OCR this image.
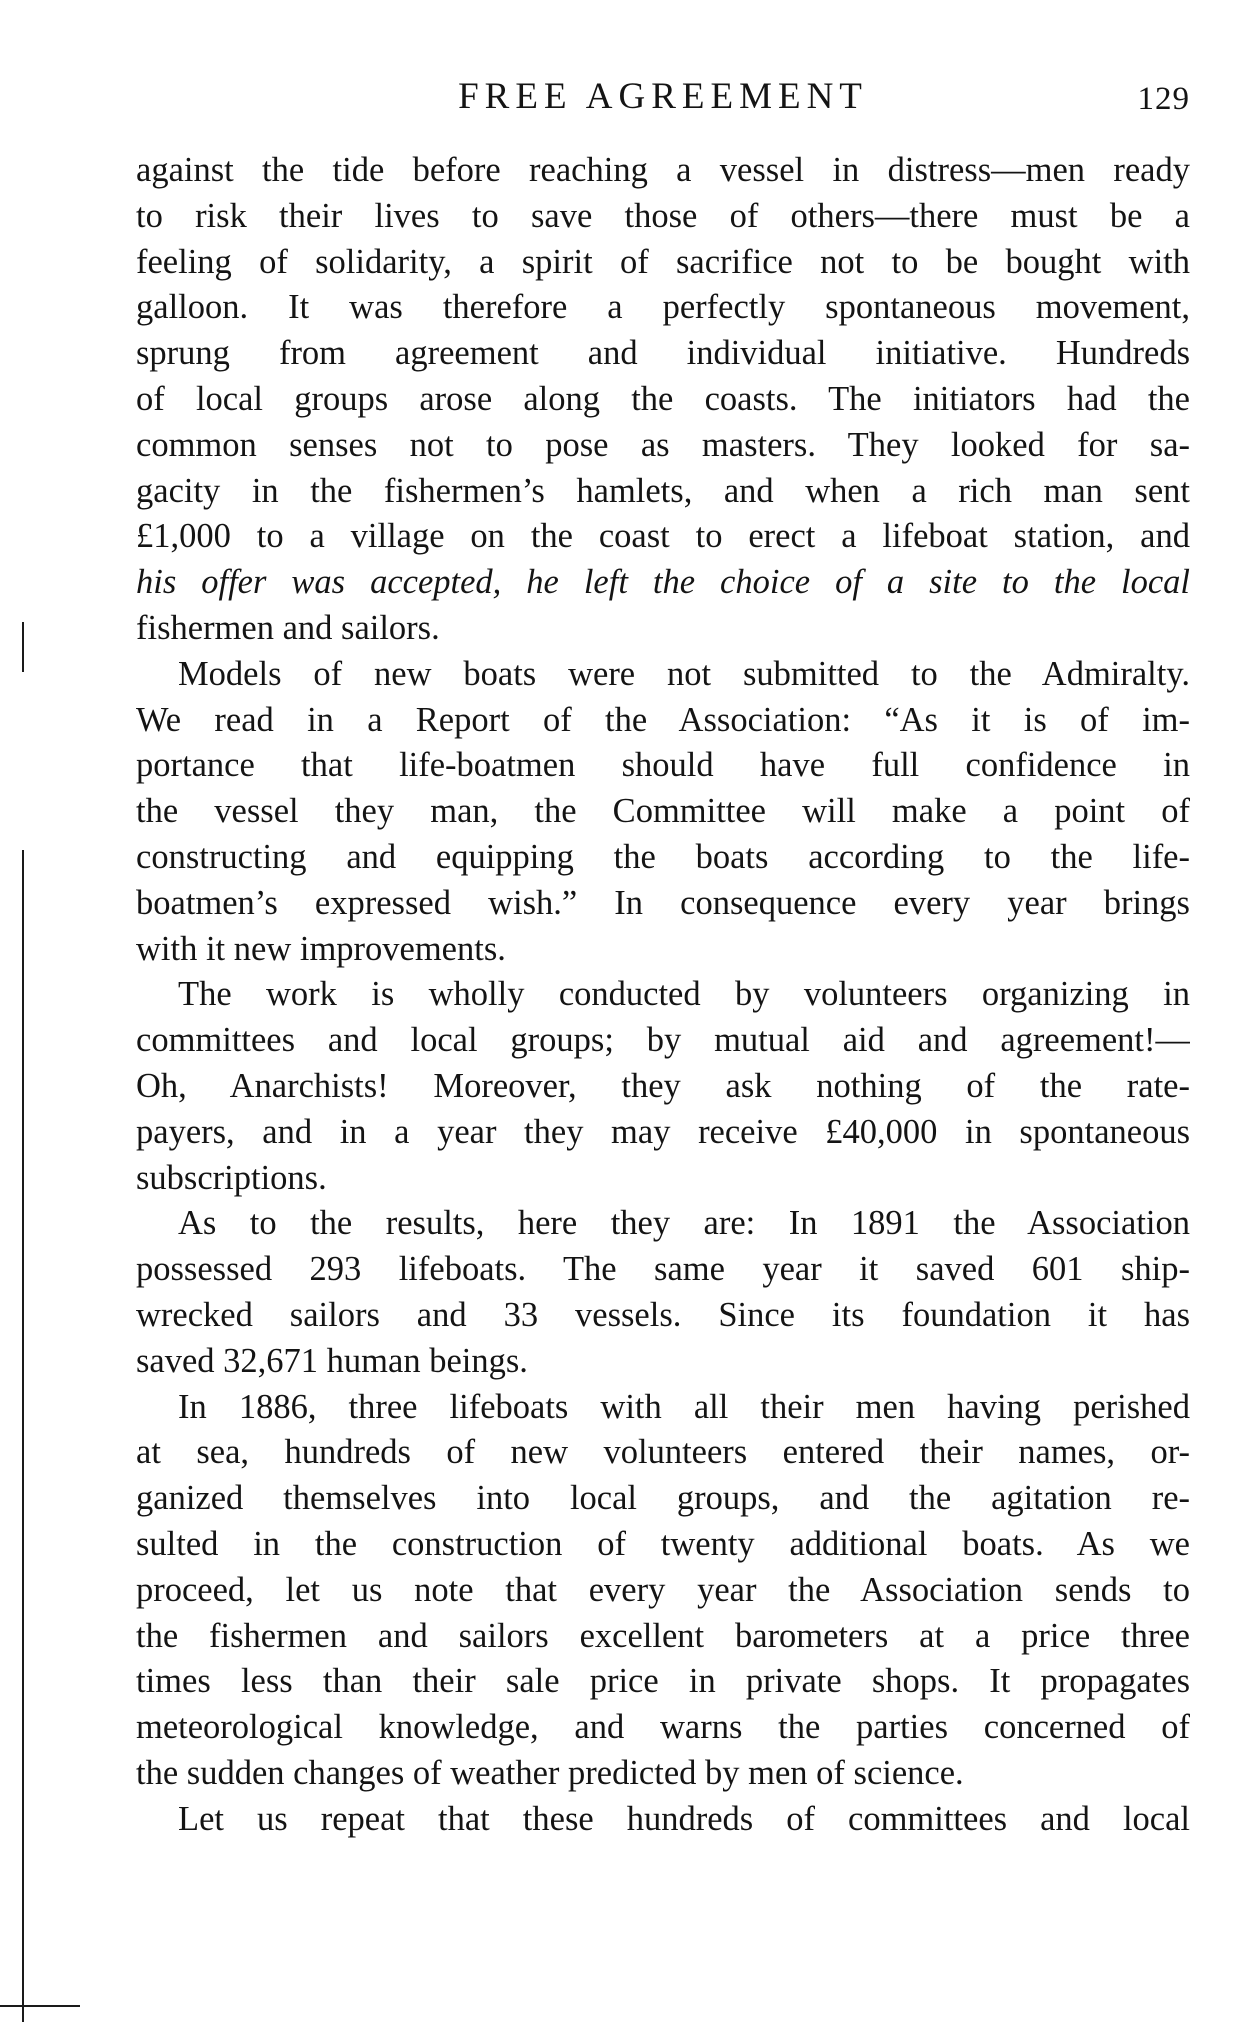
FREE AGREEMENT	129
against the tide before reaching a vessel in distress—men ready
to risk their lives to save those of others—there must be a
feeling of solidarity, a spirit of sacrifice not to be bought with
galloon. It was therefore a perfectly spontaneous movement,
sprung from agreement and individual initiative. Hundreds
of local groups arose along the coasts. The initiators had the
common senses not to pose as masters. They looked for sa-
gacity in the fishermen’s hamlets, and when a rich man sent
£1,000 to a village on the coast to erect a lifeboat station, and
his offer was accepted, he left the choice of a site to the local
fishermen and sailors.
Models of new boats were not submitted to the Admiralty.
We read in a Report of the Association: “As it is of im-
portance that life-boatmen should have full confidence in
the vessel they man, the Committee will make a point of
constructing and equipping the boats according to the life-
boatmen’s expressed wish.” In consequence every year brings
with it new improvements.
The work is wholly conducted by volunteers organizing in
committees and local groups; by mutual aid and agreement!—
Oh, Anarchists! Moreover, they ask nothing of the rate-
payers, and in a year they may receive £40,000 in spontaneous
subscriptions.
As to the results, here they are: In 1891 the Association
possessed 293 lifeboats. The same year it saved 601 ship-
wrecked sailors and 33 vessels. Since its foundation it has
saved 32,671 human beings.
In 1886, three lifeboats with all their men having perished
at sea, hundreds of new volunteers entered their names, or-
ganized themselves into local groups, and the agitation re-
sulted in the construction of twenty additional boats. As we
proceed, let us note that every year the Association sends to
the fishermen and sailors excellent barometers at a price three
times less than their sale price in private shops. It propagates
meteorological knowledge, and warns the parties concerned of
the sudden changes of weather predicted by men of science.
Let us repeat that these hundreds of committees and local
